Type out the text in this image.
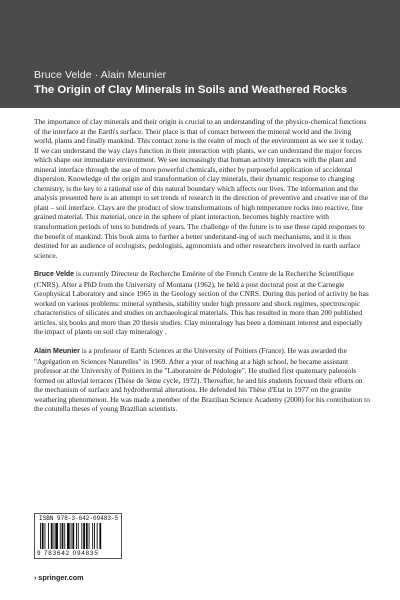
Bruce Velde · Alain Meunier
The Origin of Clay Minerals in Soils and Weathered Rocks

The importance of clay minerals and their origin is crucial to an understanding of the physico-chemical functions of the interface at the Earth's surface. Their place is that of contact between the mineral world and the living world, plants and finally mankind. This contact zone is the realm of much of the environment as we see it today. If we can understand the way clays function in their interaction with plants, we can understand the major forces which shape our immediate environment. We see increasingly that human activity interacts with the plant and mineral interface through the use of more powerful chemicals, either by purposeful application of accidental dispersion. Knowledge of the origin and transformation of clay minerals, their dynamic response to changing chemistry, is the key to a rational use of this natural boundary which affects our lives. The information and the analysis presented here is an attempt to set trends of research in the direction of preventive and creative use of the plant – soil interface. Clays are the product of slow transformations of high temperature rocks into reactive, fine grained material. This material, once in the sphere of plant interaction, becomes highly reactive with transformation periods of tens to hundreds of years. The challenge of the future is to use these rapid responses to the benefit of mankind. This book aims to further a better understand-ing of such mechanisms, and it is thus destined for an audience of ecologists, pedologists, agronomists and other researchers involved in earth surface science.

Bruce Velde is currently Directeur de Recherche Emérite of the French Centre de la Recherche Scientifique (CNRS). After a PhD from the University of Montana (1962), he held a post doctoral post at the Carnegie Geophysical Laboratory and since 1965 in the Geology section of the CNRS. During this period of activity he has worked on various problems: mineral synthesis, stability under high pressure and shock regimes, spectroscopic characteristics of silicates and studies on archaeological materials. This has resulted in more than 200 published articles, six books and more than 20 thesis studies. Clay mineralogy has been a dominant interest and especially the impact of plants on soil clay mineralogy .

Alain Meunier is a professor of Earth Sciences at the University of Poitiers (France). He was awarded the "Agrégation en Sciences Naturelles" in 1969. After a year of teaching at a high school, he became assistant professor at the University of Poitiers in the "Laboratoire de Pédologie". He studied first quaternary paleosols formed on alluvial terraces (Thèse de 3eme cycle, 1972). Thereafter, he and his students focused their efforts on the mechanism of surface and hydrothermal alterations. He defended his Thèse d'Etat in 1977 on the granite weathering phenomenon. He was made a member of the Brazilian Science Academy (2000) for his contribution to the cotutella theses of young Brazilian scientists.

ISBN 978-3-642-09483-5
9 783642 094835
› springer.com
